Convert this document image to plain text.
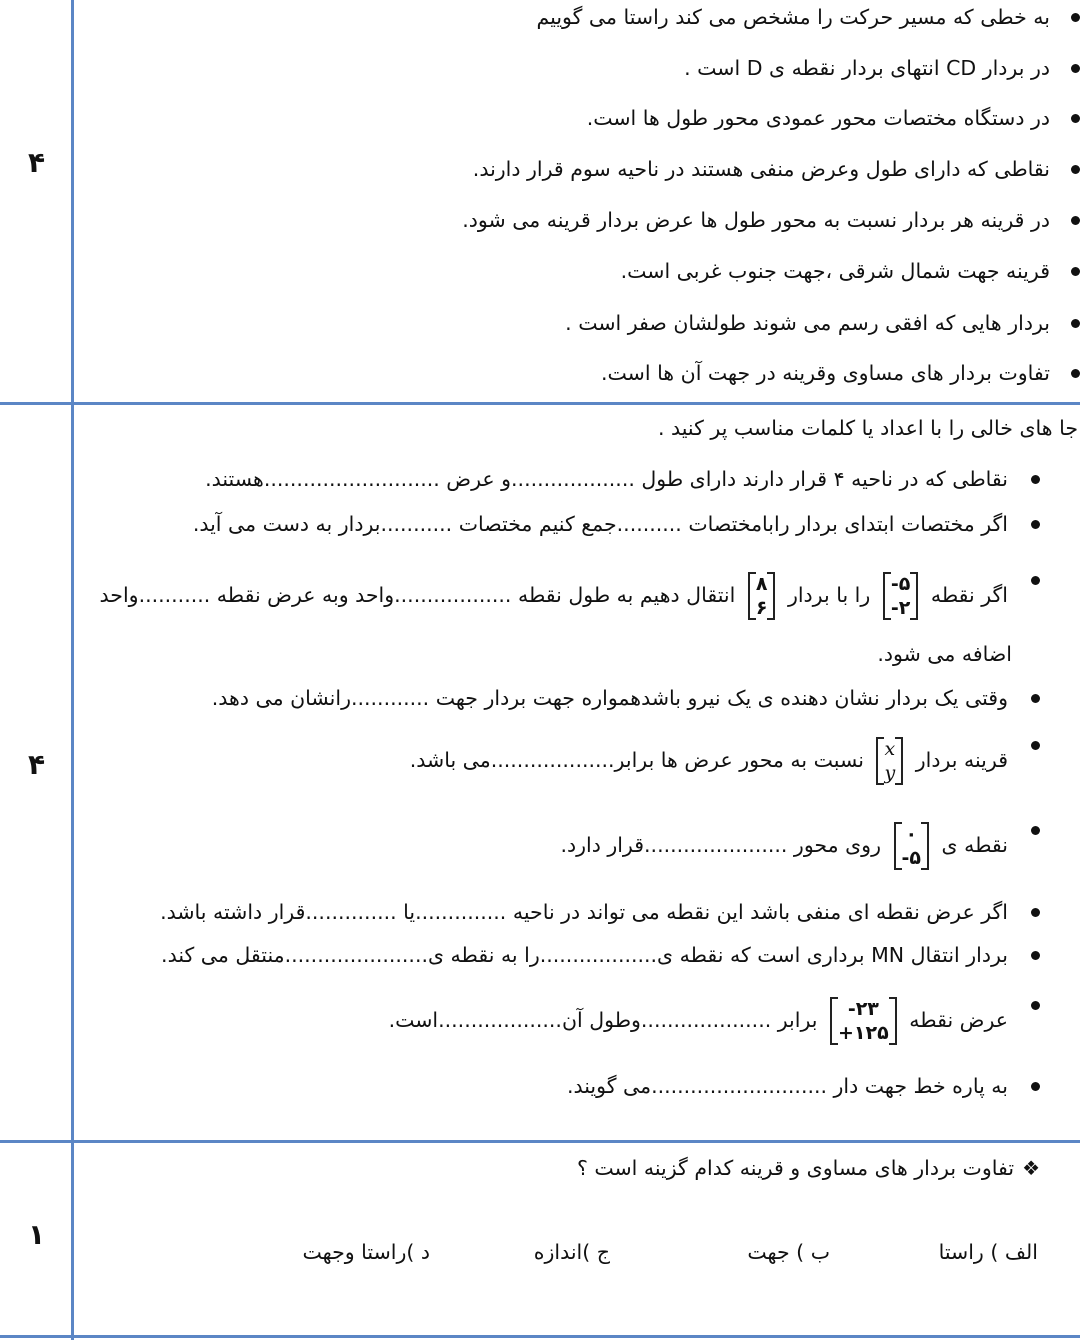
۴
به خطی که مسیر حرکت را مشخص می کند راستا می گوییم
در بردار CD انتهای بردار نقطه ی D است .
در دستگاه مختصات محور عمودی محور طول ها است.
نقاطی که دارای طول وعرض منفی هستند در ناحیه سوم قرار دارند.
در قرینه هر بردار نسبت به محور طول ها عرض بردار قرینه می شود.
قرینه جهت شمال شرقی ،جهت جنوب غربی است.
بردار هایی که افقی رسم می شوند طولشان صفر است .
تفاوت بردار های مساوی وقرینه در جهت آن ها است.
۴
جا های خالی را با اعداد یا کلمات مناسب پر کنید .
نقاطی که در ناحیه ۴ قرار دارند دارای طول ...................و عرض ...........................هستند.
اگر مختصات ابتدای بردار رابامختصات ..........جمع کنیم مختصات ...........بردار به دست می آید.
اگر نقطه
-۵
-۲
را با بردار
۸
۶
انتقال دهیم به طول نقطه ..................واحد وبه عرض نقطه ...........واحد
اضافه می شود.
وقتی یک بردار نشان دهنده ی یک نیرو باشدهمواره جهت بردار جهت ............رانشان می دهد.
قرینه بردار
x
y
نسبت به محور عرض ها برابر...................می باشد.
نقطه ی
۰
-۵
روی محور ......................قرار دارد.
اگر عرض نقطه ای منفی باشد این نقطه می تواند در ناحیه ..............یا ..............قرار داشته باشد.
بردار انتقال MN برداری است که نقطه ی..................را به نقطه ی......................منتقل می کند.
عرض نقطه
-۲۳
+۱۲۵
برابر ....................وطول آن...................است.
به پاره خط جهت دار ...........................می گویند.
۱
❖تفاوت بردار های مساوی و قرینه کدام گزینه است ؟
الف ) راستا
ب ) جهت
ج )اندازه
د )راستا وجهت
